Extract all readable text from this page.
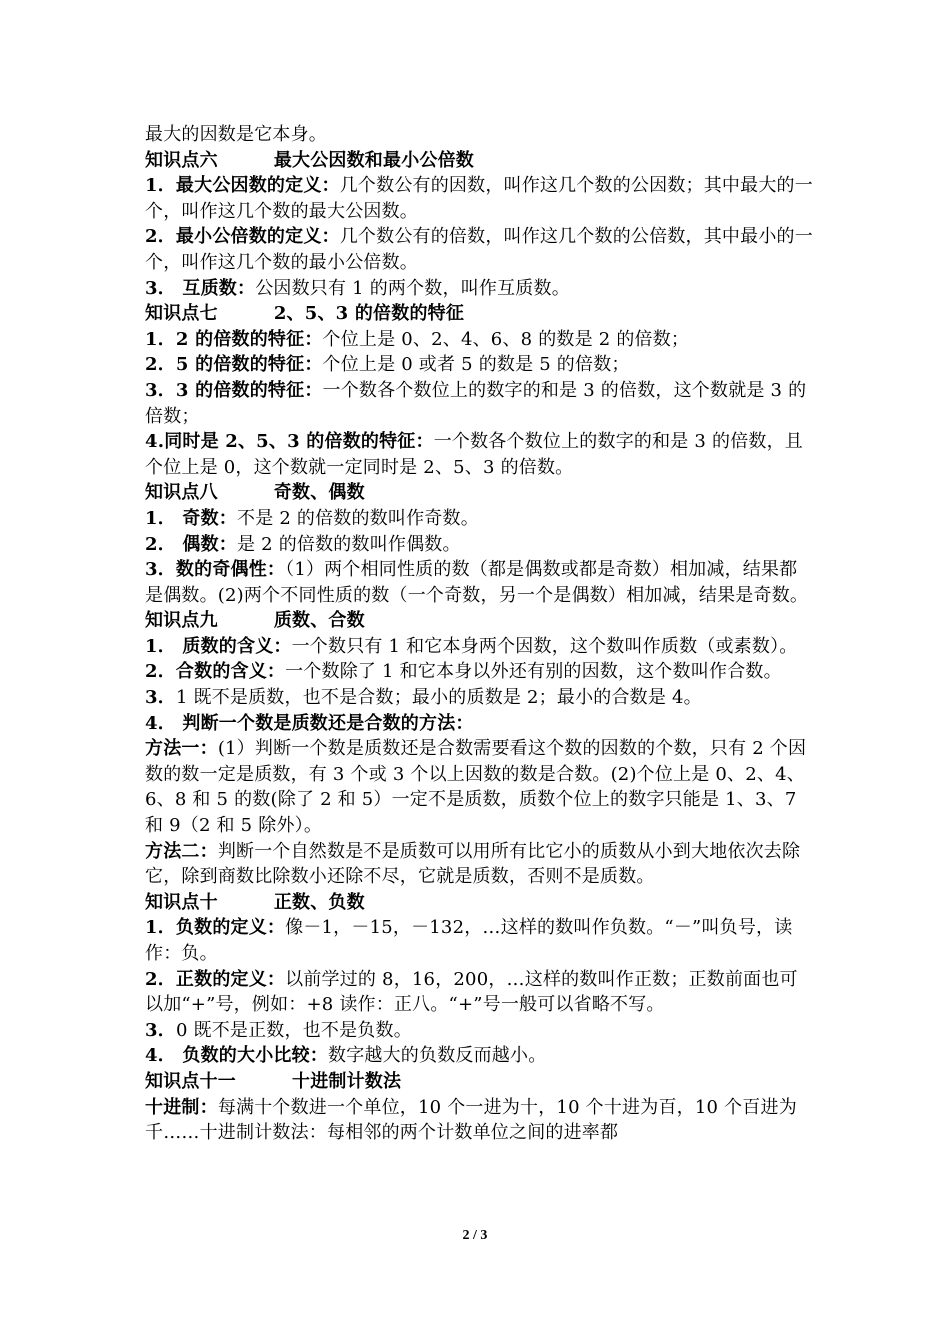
最大的因数是它本身。

知识点六	最大公因数和最小公倍数

1．最大公因数的定义：几个数公有的因数，叫作这几个数的公因数；其中最大的一个，叫作这几个数的最大公因数。

2．最小公倍数的定义：几个数公有的倍数，叫作这几个数的公倍数，其中最小的一个，叫作这几个数的最小公倍数。

3． 互质数：公因数只有 1 的两个数，叫作互质数。

知识点七	2、5、3 的倍数的特征

1．2 的倍数的特征：个位上是 0、2、4、6、8 的数是 2 的倍数；

2．5 的倍数的特征：个位上是 0 或者 5 的数是 5 的倍数；

3．3 的倍数的特征：一个数各个数位上的数字的和是 3 的倍数，这个数就是 3 的倍数；

4.同时是 2、5、3 的倍数的特征：一个数各个数位上的数字的和是 3 的倍数，且个位上是 0，这个数就一定同时是 2、5、3 的倍数。

知识点八	奇数、偶数

1． 奇数：不是 2 的倍数的数叫作奇数。

2． 偶数：是 2 的倍数的数叫作偶数。

3．数的奇偶性：（1）两个相同性质的数（都是偶数或都是奇数）相加减，结果都是偶数。(2)两个不同性质的数（一个奇数，另一个是偶数）相加减，结果是奇数。

知识点九	质数、合数

1． 质数的含义：一个数只有 1 和它本身两个因数，这个数叫作质数（或素数）。

2．合数的含义：一个数除了 1 和它本身以外还有别的因数，这个数叫作合数。

3．1 既不是质数，也不是合数；最小的质数是 2；最小的合数是 4。

4． 判断一个数是质数还是合数的方法：

方法一：(1）判断一个数是质数还是合数需要看这个数的因数的个数，只有 2 个因数的数一定是质数，有 3 个或 3 个以上因数的数是合数。(2)个位上是 0、2、4、6、8 和 5 的数(除了 2 和 5）一定不是质数，质数个位上的数字只能是 1、3、7 和 9（2 和 5 除外）。

方法二：判断一个自然数是不是质数可以用所有比它小的质数从小到大地依次去除它，除到商数比除数小还除不尽，它就是质数，否则不是质数。

知识点十	正数、负数

1．负数的定义：像－1，－15，－132，…这样的数叫作负数。“－”叫负号，读作：负。

2．正数的定义：以前学过的 8，16，200，…这样的数叫作正数；正数前面也可以加“+”号，例如：+8 读作：正八。“+”号一般可以省略不写。

3．0 既不是正数，也不是负数。

4． 负数的大小比较：数字越大的负数反而越小。

知识点十一	十进制计数法

十进制：每满十个数进一个单位，10 个一进为十，10 个十进为百，10 个百进为千……十进制计数法：每相邻的两个计数单位之间的进率都

2 / 3
